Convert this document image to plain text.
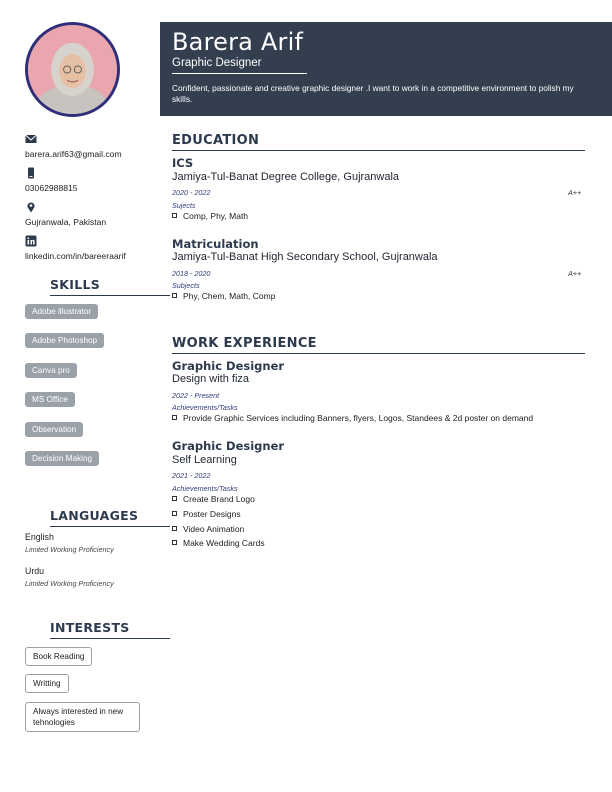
barera.arif63@gmail.com
03062988815
Gujranwala, Pakistan
linkedin.com/in/bareeraarif
SKILLS
LANGUAGES
INTERESTS
Adobe illustrator
Adobe Photoshop
Canva pro
MS Office
Observation
Decision Making
English
Limited Working Proficiency
Urdu
Limited Working Proficiency
Book Reading
Writting
Always interested in new tehnologies
Barera Arif
Graphic Designer
Confident, passionate and creative graphic designer .I want to work in a competitive environment to polish my skills.
EDUCATION
ICS
Jamiya-Tul-Banat Degree College, Gujranwala
2020 - 2022	A++
Sujects
Comp, Phy, Math
Matriculation
Jamiya-Tul-Banat High Secondary School, Gujranwala
2018 - 2020	A++
Subjects
Phy, Chem, Math, Comp
WORK EXPERIENCE
Graphic Designer
Design with fiza
2022 - Present
Achievements/Tasks
Provide Graphic Services including Banners, flyers, Logos, Standees & 2d poster on demand
Graphic Designer
Self Learning
2021 - 2022
Achievements/Tasks
Create Brand Logo
Poster Designs
Video Animation
Make Wedding Cards
